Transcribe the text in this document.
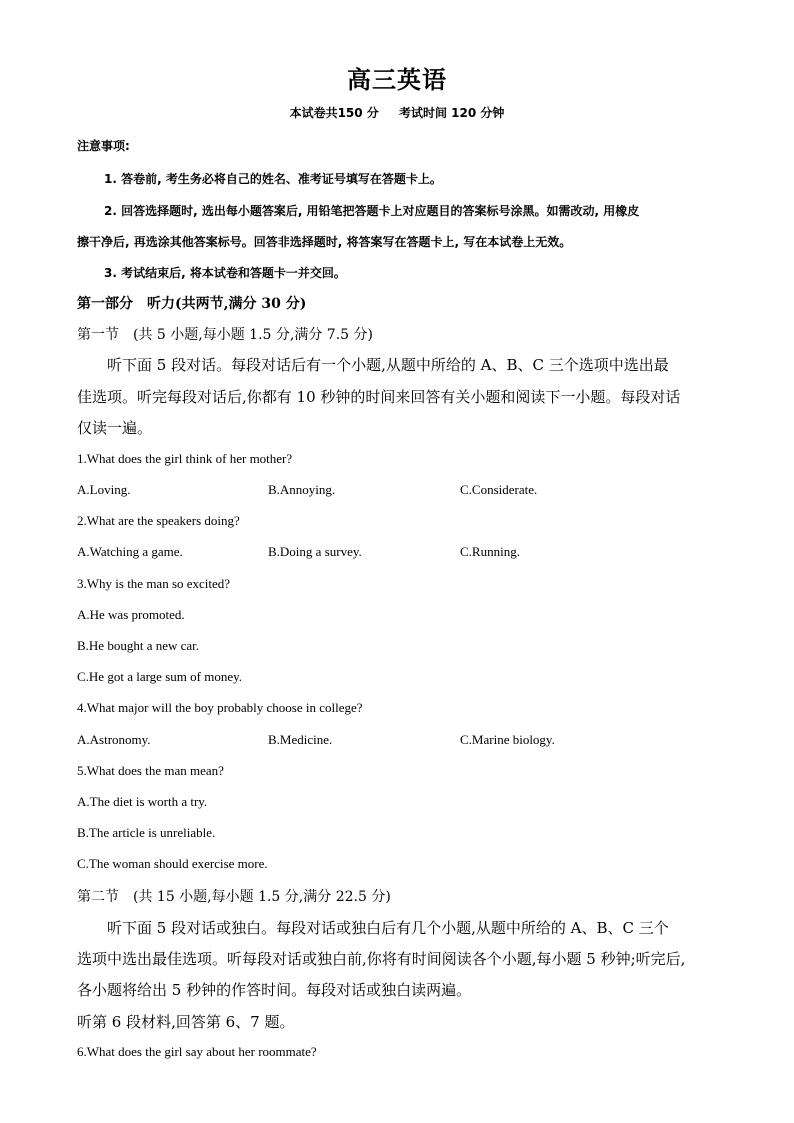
高三英语
本试卷共150 分 考试时间 120 分钟
注意事项:
1. 答卷前, 考生务必将自己的姓名、准考证号填写在答题卡上。
2. 回答选择题时, 选出每小题答案后, 用铅笔把答题卡上对应题目的答案标号涂黑。如需改动, 用橡皮
擦干净后, 再选涂其他答案标号。回答非选择题时, 将答案写在答题卡上, 写在本试卷上无效。
3. 考试结束后, 将本试卷和答题卡一并交回。
第一部分　听力(共两节,满分 30 分)
第一节　(共 5 小题,每小题 1.5 分,满分 7.5 分)
听下面 5 段对话。每段对话后有一个小题,从题中所给的 A、B、C 三个选项中选出最
佳选项。听完每段对话后,你都有 10 秒钟的时间来回答有关小题和阅读下一小题。每段对话
仅读一遍。
1.What does the girl think of her mother?
A.Loving.	B.Annoying.	C.Considerate.
2.What are the speakers doing?
A.Watching a game.	B.Doing a survey.	C.Running.
3.Why is the man so excited?
A.He was promoted.
B.He bought a new car.
C.He got a large sum of money.
4.What major will the boy probably choose in college?
A.Astronomy.	B.Medicine.	C.Marine biology.
5.What does the man mean?
A.The diet is worth a try.
B.The article is unreliable.
C.The woman should exercise more.
第二节　(共 15 小题,每小题 1.5 分,满分 22.5 分)
听下面 5 段对话或独白。每段对话或独白后有几个小题,从题中所给的 A、B、C 三个
选项中选出最佳选项。听每段对话或独白前,你将有时间阅读各个小题,每小题 5 秒钟;听完后,
各小题将给出 5 秒钟的作答时间。每段对话或独白读两遍。
听第 6 段材料,回答第 6、7 题。
6.What does the girl say about her roommate?
